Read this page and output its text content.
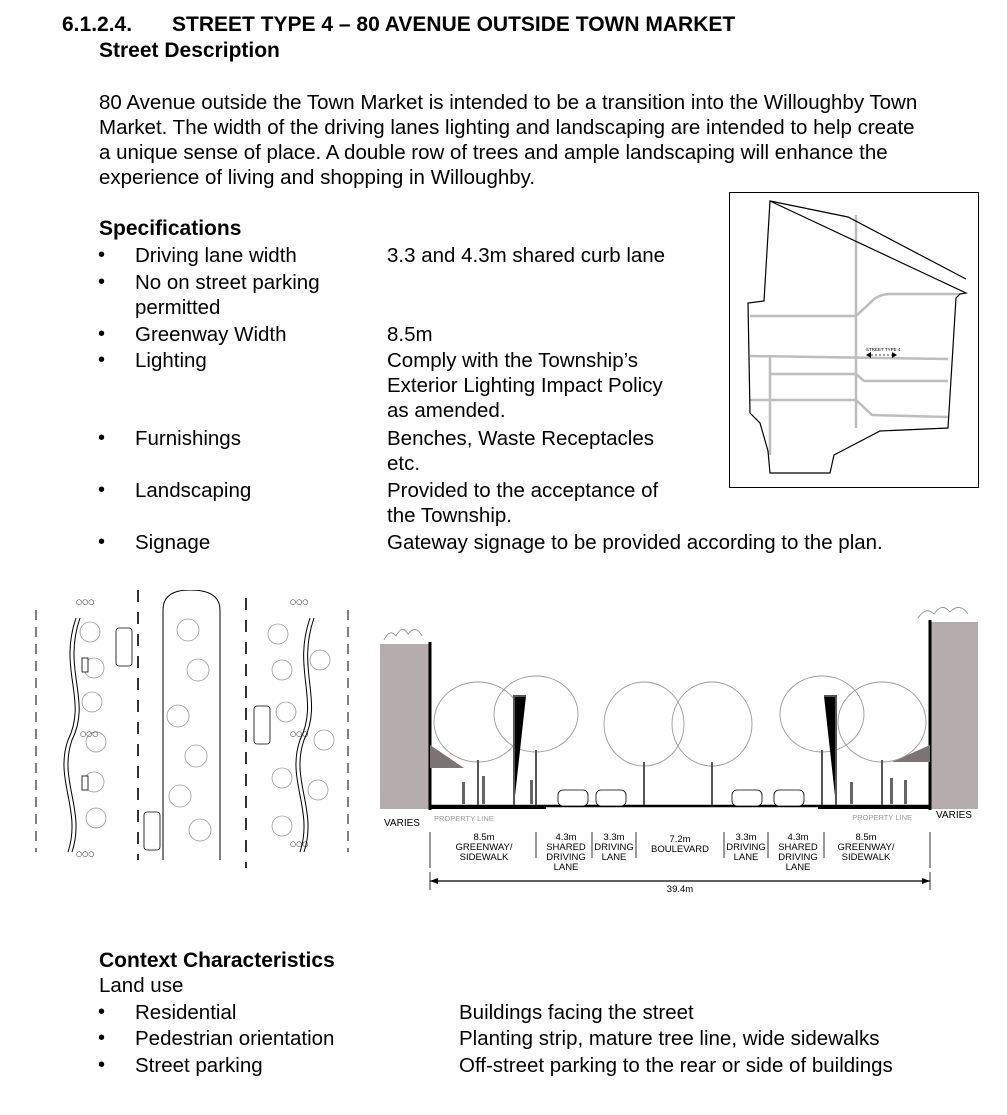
6.1.2.4. STREET TYPE 4 – 80 AVENUE OUTSIDE TOWN MARKET
Street Description
80 Avenue outside the Town Market is intended to be a transition into the Willoughby Town
Market. The width of the driving lanes lighting and landscaping are intended to help create
a unique sense of place. A double row of trees and ample landscaping will enhance the
experience of living and shopping in Willoughby.
Specifications
• Driving lane width	3.3 and 4.3m shared curb lane
• No on street parking
permitted
• Greenway Width	8.5m
• Lighting	Comply with the Township’s
Exterior Lighting Impact Policy
as amended.
• Furnishings	Benches, Waste Receptacles
etc.
• Landscaping	Provided to the acceptance of
the Township.
• Signage	Gateway signage to be provided according to the plan.
STREET TYPE 4
○○○	○○○
○○○	○○○
○○○
○○○
VARIES
VARIES
PROPERTY LINE	PROPERTY LINE
8.5m
GREENWAY/
SIDEWALK
4.3m
SHARED
DRIVING
LANE
3.3m
DRIVING
LANE
7.2m
BOULEVARD
3.3m
DRIVING
LANE
4.3m
SHARED
DRIVING
LANE
8.5m
GREENWAY/
SIDEWALK
39.4m
Context Characteristics
Land use
• Residential	Buildings facing the street
• Pedestrian orientation	Planting strip, mature tree line, wide sidewalks
• Street parking	Off-street parking to the rear or side of buildings
